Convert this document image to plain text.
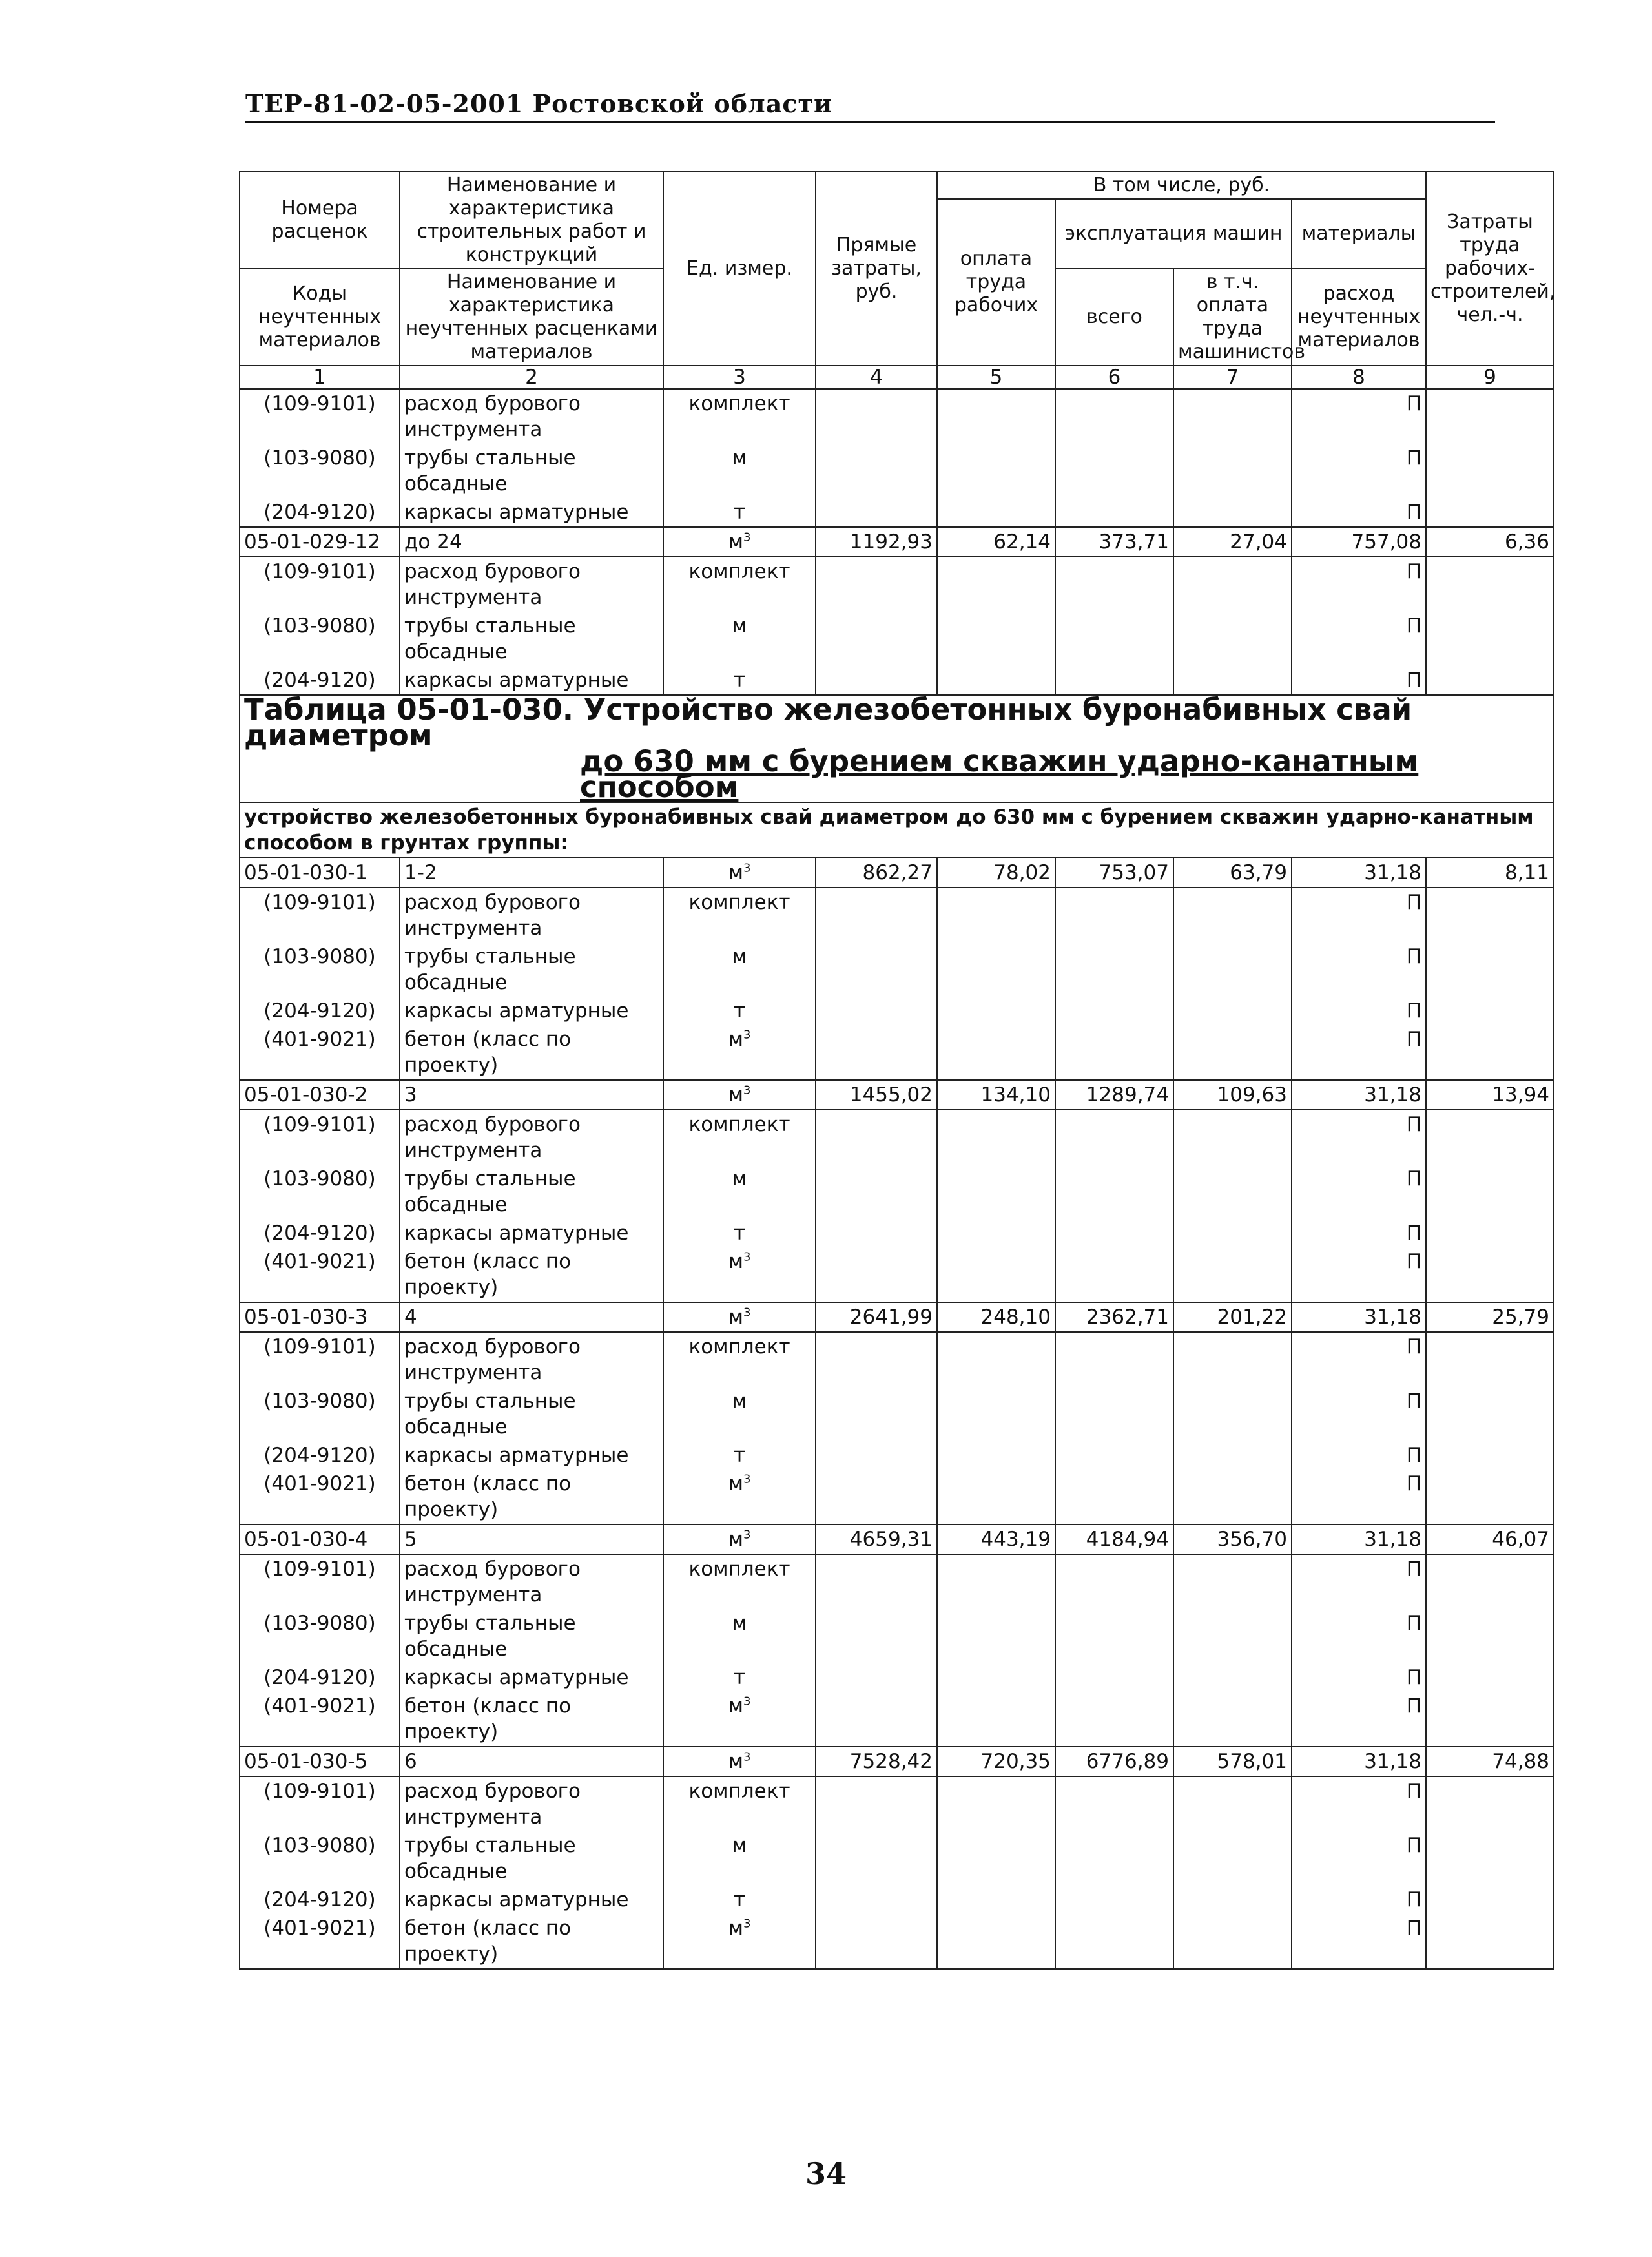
ТЕР-81-02-05-2001 Ростовской области
Номера расценок	Наименование и характеристика строительных работ и конструкций	Ед. измер.	Прямые затраты, руб.	В том числе, руб.				Затраты труда рабочих-строителей, чел.-ч.
				оплата труда рабочих	эксплуатация машин		материалы	
Коды неучтенных материалов	Наименование и характеристика неучтенных расценками материалов				всего	в т.ч. оплата труда машинистов	расход неучтенных материалов	

1	2	3	4	5	6	7	8	9
(109-9101)	расход бурового инструмента	комплект					П	
(103-9080)	трубы стальные обсадные	м					П	
(204-9120)	каркасы арматурные	т					П	
05-01-029-12	до 24	$м^3$	1192,93	62,14	373,71	27,04	757,08	6,36
(109-9101)	расход бурового инструмента	комплект					П	
(103-9080)	трубы стальные обсадные	м					П	
(204-9120)	каркасы арматурные	т					П	
Таблица 05-01-030. Устройство железобетонных буронабивных свай диаметром
до 630 мм с бурением скважин ударно-канатным способом								

устройство железобетонных буронабивных свай диаметром до 630 мм с бурением скважин ударно-канатным способом в грунтах группы:								
05-01-030-1	1-2	$м^3$	862,27	78,02	753,07	63,79	31,18	8,11
(109-9101)	расход бурового инструмента	комплект					П	
(103-9080)	трубы стальные обсадные	м					П	
(204-9120)	каркасы арматурные	т					П	
(401-9021)	бетон (класс по проекту)	$м^3$					П	
05-01-030-2	3	$м^3$	1455,02	134,10	1289,74	109,63	31,18	13,94
(109-9101)	расход бурового инструмента	комплект					П	
(103-9080)	трубы стальные обсадные	м					П	
(204-9120)	каркасы арматурные	т					П	
(401-9021)	бетон (класс по проекту)	$м^3$					П	
05-01-030-3	4	$м^3$	2641,99	248,10	2362,71	201,22	31,18	25,79
(109-9101)	расход бурового инструмента	комплект					П	
(103-9080)	трубы стальные обсадные	м					П	
(204-9120)	каркасы арматурные	т					П	
(401-9021)	бетон (класс по проекту)	$м^3$					П	
05-01-030-4	5	$м^3$	4659,31	443,19	4184,94	356,70	31,18	46,07
(109-9101)	расход бурового инструмента	комплект					П	
(103-9080)	трубы стальные обсадные	м					П	
(204-9120)	каркасы арматурные	т					П	
(401-9021)	бетон (класс по проекту)	$м^3$					П	
05-01-030-5	6	$м^3$	7528,42	720,35	6776,89	578,01	31,18	74,88
(109-9101)	расход бурового инструмента	комплект					П	
(103-9080)	трубы стальные обсадные	м					П	
(204-9120)	каркасы арматурные	т					П	
(401-9021)	бетон (класс по проекту)	$м^3$					П	
34
